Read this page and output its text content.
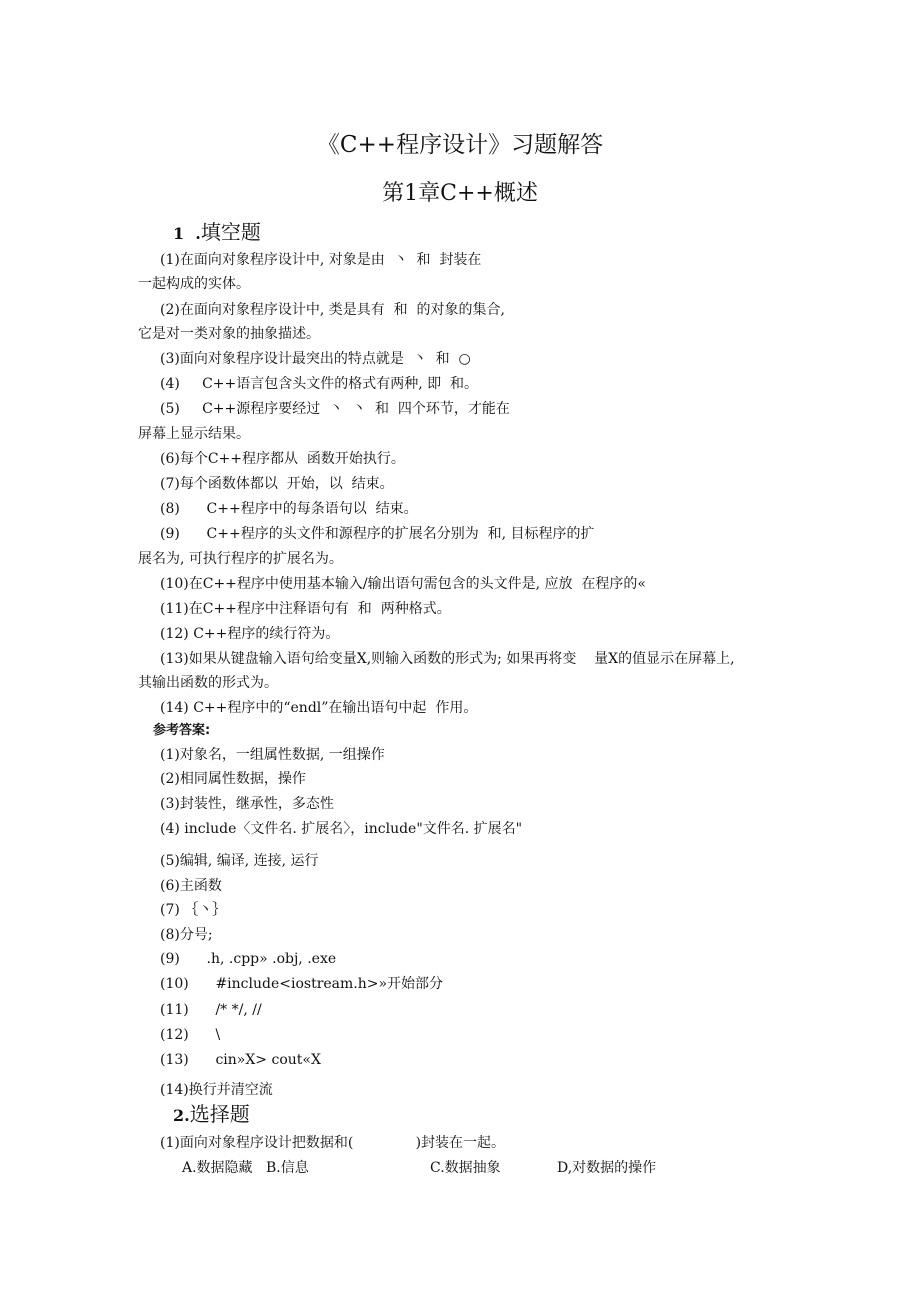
《C++程序设计》习题解答
第1章C++概述
1  .填空题
(1)在面向对象程序设计中, 对象是由  丶  和  封装在
一起构成的实体。
(2)在面向对象程序设计中, 类是具有  和  的对象的集合,
它是对一类对象的抽象描述。
(3)面向对象程序设计最突出的特点就是  丶  和  ○
(4)     C++语言包含头文件的格式有两种, 即  和。
(5)     C++源程序要经过  丶  丶  和  四个环节，才能在
屏幕上显示结果。
(6)每个C++程序都从  函数开始执行。
(7)每个函数体都以  开始，以  结束。
(8)      C++程序中的每条语句以  结束。
(9)      C++程序的头文件和源程序的扩展名分别为  和, 目标程序的扩
展名为, 可执行程序的扩展名为。
(10)在C++程序中使用基本输入/输出语句需包含的头文件是, 应放  在程序的«
(11)在C++程序中注释语句有  和  两种格式。
(12) C++程序的续行符为。
(13)如果从键盘输入语句给变量X,则输入函数的形式为; 如果再将变    量X的值显示在屏幕上,
其输出函数的形式为。
(14) C++程序中的“endl”在输出语句中起  作用。
参考答案:
(1)对象名，一组属性数据, 一组操作
(2)相同属性数据，操作
(3)封装性，继承性，多态性
(4) include〈文件名. 扩展名〉，include"文件名. 扩展名"
(5)编辑, 编译, 连接, 运行
(6)主函数
(7) ｛丶｝
(8)分号;
(9)      .h, .cpp» .obj, .exe
(10)      #include<iostream.h>»开始部分
(11)      /* */, //
(12)      \
(13)      cin»X> cout«X
(14)换行并清空流
2.选择题
(1)面向对象程序设计把数据和(              )封装在一起。
A.数据隐藏 B.信息	C.数据抽象	D,对数据的操作
